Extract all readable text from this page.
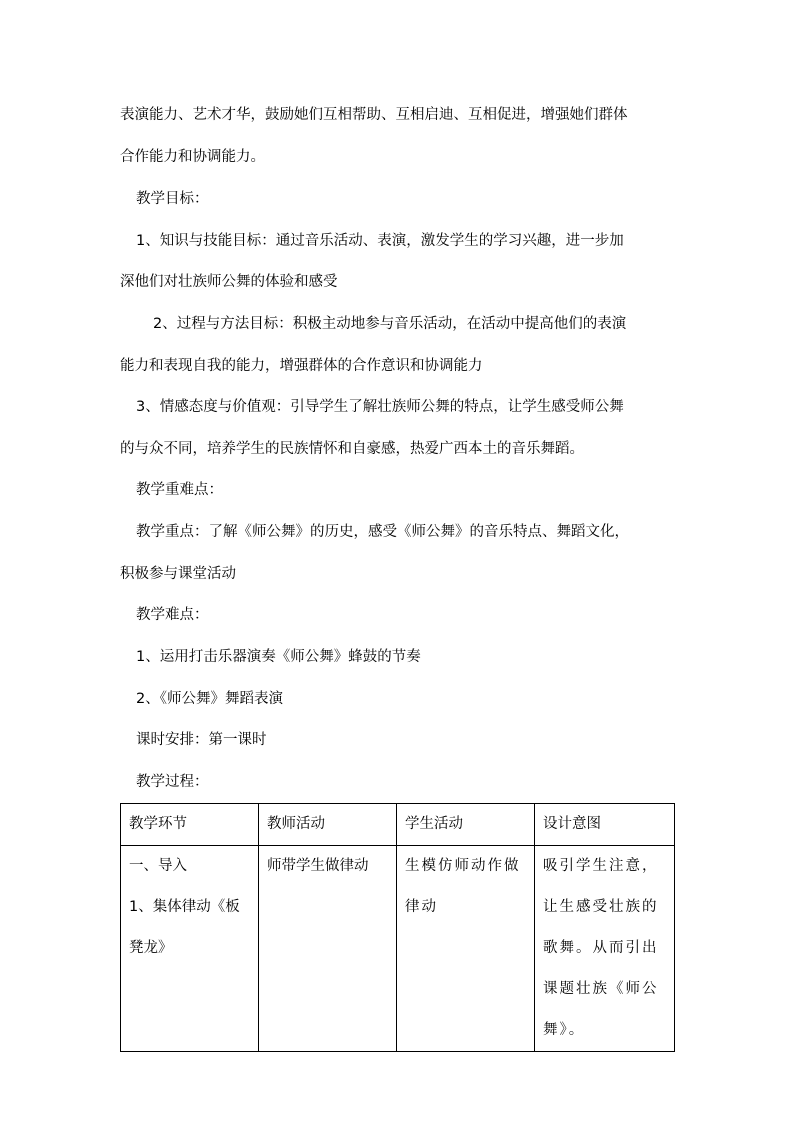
表演能力、艺术才华，鼓励她们互相帮助、互相启迪、互相促进，增强她们群体
合作能力和协调能力。
教学目标：
1、知识与技能目标：通过音乐活动、表演，激发学生的学习兴趣，进一步加
深他们对壮族师公舞的体验和感受
2、过程与方法目标：积极主动地参与音乐活动，在活动中提高他们的表演
能力和表现自我的能力，增强群体的合作意识和协调能力
3、情感态度与价值观：引导学生了解壮族师公舞的特点，让学生感受师公舞
的与众不同，培养学生的民族情怀和自豪感，热爱广西本土的音乐舞蹈。
教学重难点：
教学重点：了解《师公舞》的历史，感受《师公舞》的音乐特点、舞蹈文化，
积极参与课堂活动
教学难点：
1、运用打击乐器演奏《师公舞》蜂鼓的节奏
2、《师公舞》舞蹈表演
课时安排：第一课时
教学过程：
教学环节	教师活动	学生活动	设计意图

一、导入
1、集体律动《板凳龙》	师带学生做律动	生模仿师动作做律动	吸引学生注意，让生感受壮族的歌舞。从而引出课题壮族《师公舞》。
